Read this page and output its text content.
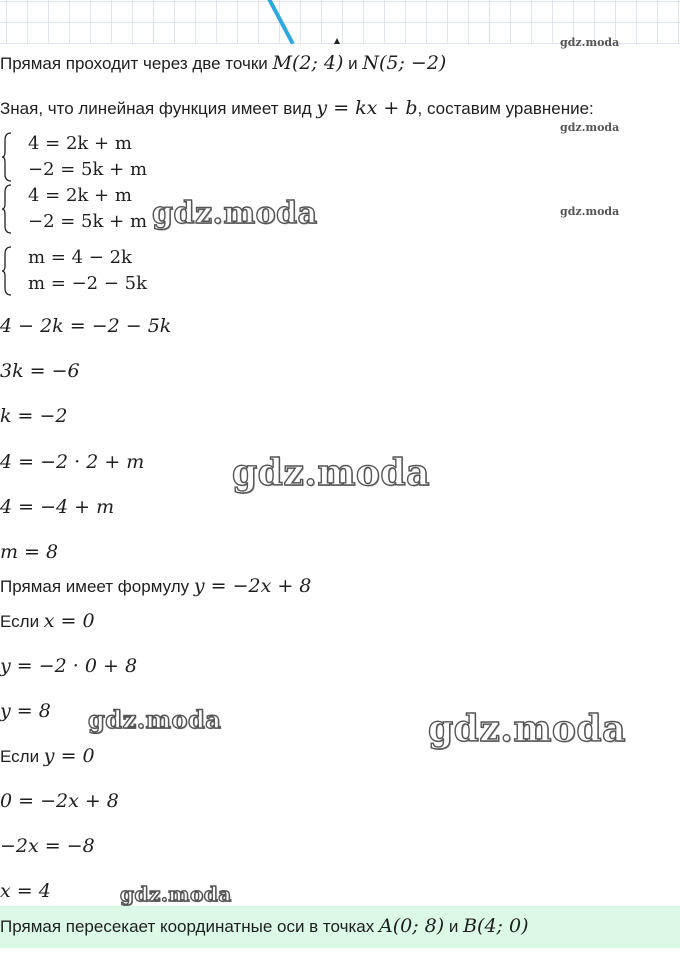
gdz.moda
Прямая проходит через две точки M(2; 4) и N(5; −2)
Зная, что линейная функция имеет вид y = kx + b, составим уравнение:
gdz.moda
4 = 2k + m
−2 = 5k + m
4 = 2k + m
−2 = 5k + m gdz.moda	gdz.moda
m = 4 − 2k
m = −2 − 5k
4 − 2k = −2 − 5k
3k = −6
k = −2
4 = −2 · 2 + m gdz.moda
4 = −4 + m
m = 8
Прямая имеет формулу y = −2x + 8
Если x = 0
y = −2 · 0 + 8
y = 8 gdz.moda	gdz.moda
Если y = 0
0 = −2x + 8
−2x = −8
x = 4	gdz.moda
Прямая пересекает координатные оси в точках A(0; 8) и B(4; 0)
